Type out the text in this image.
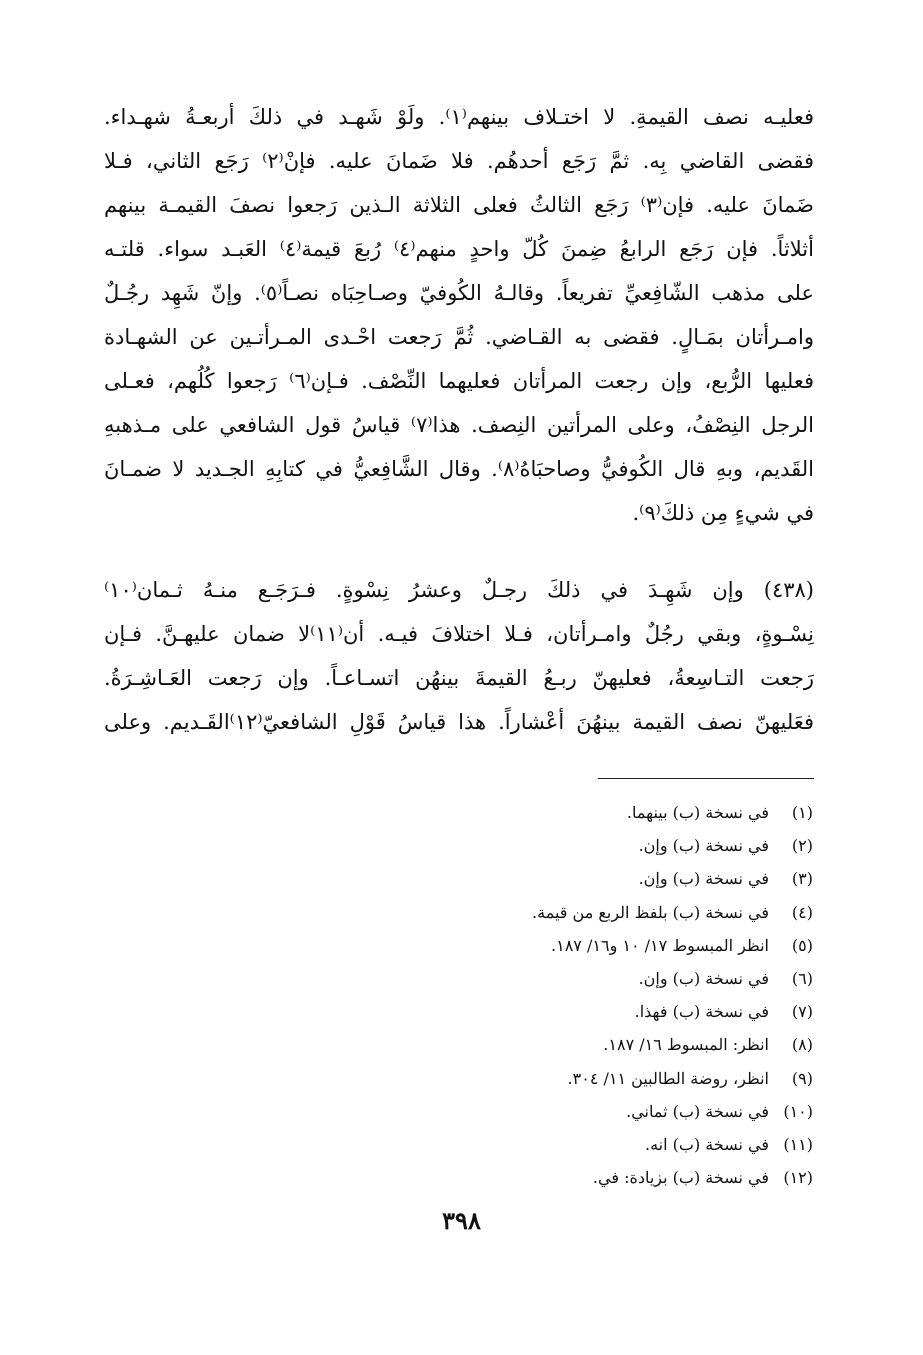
فعليـه نصف القيمةِ. لا اختـلاف بينهم⁽١⁾. ولَوْ شَهـد في ذلكَ أربعـةُ شهـداء.
فقضى القاضي بِه. ثمَّ رَجَع أحدهُم. فلا ضَمانَ عليه. فإنْ⁽٢⁾ رَجَع الثاني، فـلا
ضَمانَ عليه. فإن⁽٣⁾ رَجَع الثالثُ فعلى الثلاثة الـذين رَجعوا نصفَ القيمـة بينهم
أثلاثاً. فإن رَجَع الرابعُ ضِمنَ كُلّ واحدٍ منهم⁽٤⁾ رُبعَ قيمة⁽٤⁾ العَبـد سواء. قلتـه
على مذهب الشّافِعيِّ تفريعاً. وقالـهُ الكُوفيّ وصـاحِبَاه نصـاً⁽٥⁾. وإنّ شَهِد رجُـلٌ
وامـرأتان بمَـالٍ. فقضى به القـاضي. ثُمَّ رَجعت احْـدى المـرأتـين عن الشهـادة
فعليها الرُّبع، وإن رجعت المرأتان فعليهما النِّصْف. فـإن⁽٦⁾ رَجعوا كُلُهم، فعـلى
الرجل النِصْفُ، وعلى المرأتين النِصف. هذا⁽٧⁾ قياسُ قول الشافعي على مـذهبهِ
القَديم، وبهِ قال الكُوفيُّ وصاحبَاهُ⁽٨⁾. وقال الشَّافِعيُّ في كتابِهِ الجـديد لا ضمـانَ
في شيءٍ مِن ذلكَ⁽٩⁾.
(٤٣٨) وإن شَهِـدَ في ذلكَ رجـلٌ وعشرُ نِسْوةٍ. فـرَجَـع منـهُ ثـمان⁽١٠⁾
نِسْـوةٍ، وبقي رجُلٌ وامـرأتان، فـلا اختلافَ فيـه. أن⁽١١⁾لا ضمان عليهـنَّ. فـإن
رَجعت التـاسِعةُ، فعليهنّ ربـعُ القيمةَ بينهُن اتسـاعـاً. وإن رَجعت العَـاشِـرَةُ.
فعَليهنّ نصف القيمة بينهُنَ أعْشاراً. هذا قياسُ قَوْلِ الشافعيّ⁽١٢⁾القَـديم. وعلى
(١)
في نسخة (ب) بينهما.
(٢)
في نسخة (ب) وإن.
(٣)
في نسخة (ب) وإن.
(٤)
في نسخة (ب) بلفظ الربع من قيمة.
(٥)
انظر المبسوط ١٧/ ١٠ و١٦/ ١٨٧.
(٦)
في نسخة (ب) وإن.
(٧)
في نسخة (ب) فهذا.
(٨)
انظر: المبسوط ١٦/ ١٨٧.
(٩)
انظر، روضة الطالبين ١١/ ٣٠٤.
(١٠)
في نسخة (ب) ثماني.
(١١)
في نسخة (ب) انه.
(١٢)
في نسخة (ب) بزيادة: في.
٣٩٨
